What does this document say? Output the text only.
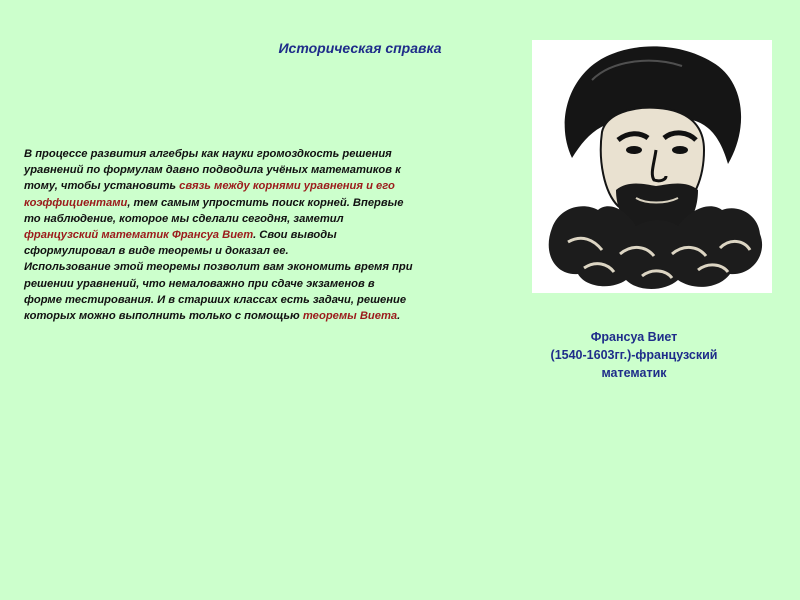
Историческая справка
В процессе развития алгебры как науки громоздкость решения уравнений по формулам давно подводила учёных математиков к тому, чтобы установить связь между корнями уравнения и его коэффициентами, тем самым упростить поиск корней. Впервые то наблюдение, которое мы сделали сегодня, заметил французский математик Франсуа Виет. Свои выводы сформулировал в виде теоремы и доказал ее.
Использование этой теоремы позволит вам экономить время при решении уравнений, что немаловажно при сдаче экзаменов в форме тестирования. И в старших классах есть задачи, решение которых можно выполнить только с помощью теоремы Виета.
Франсуа Виет
(1540-1603гг.)-французский
математик
